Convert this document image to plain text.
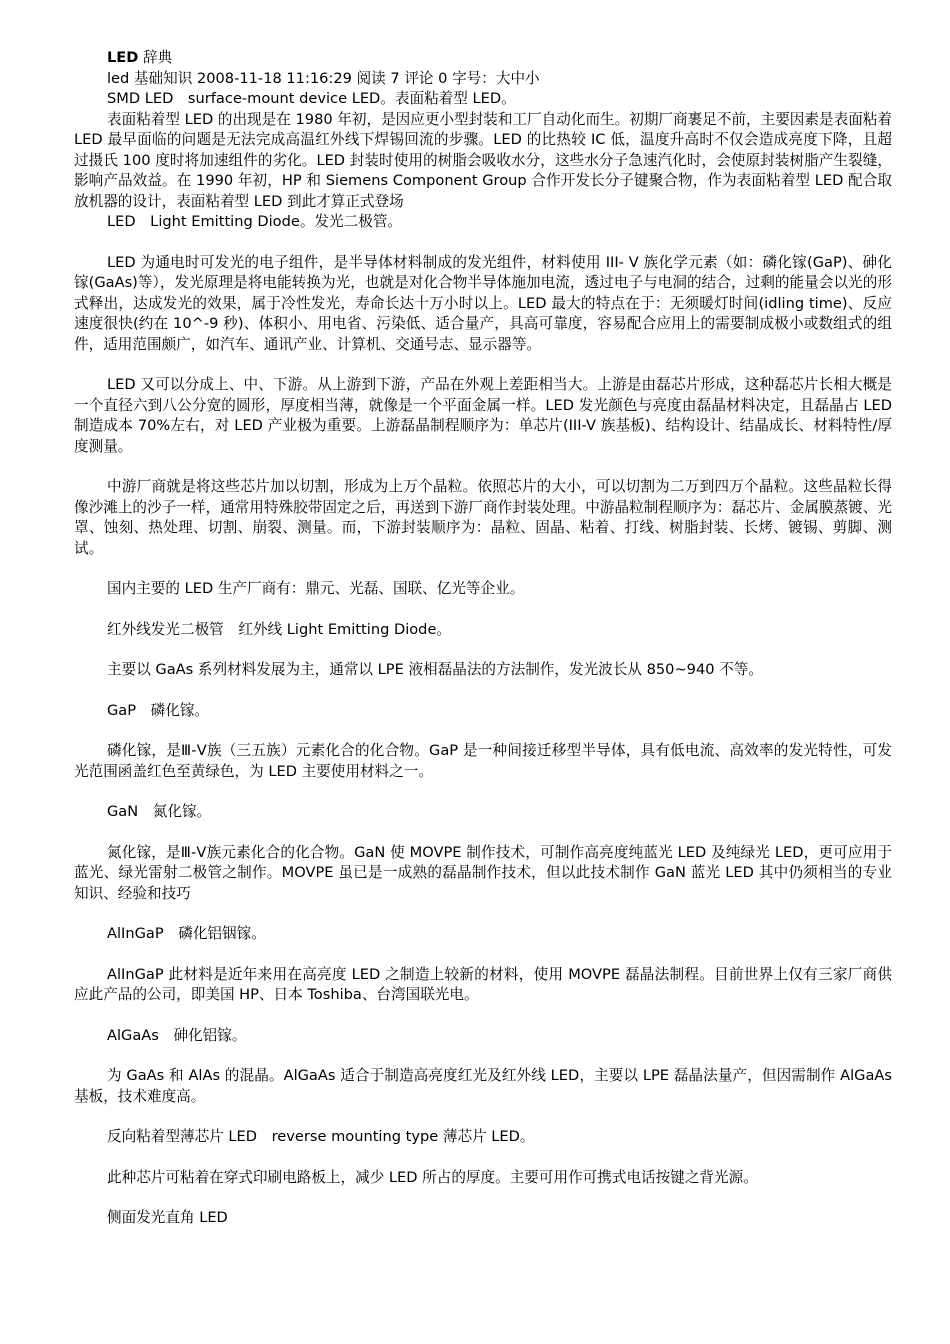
LED 辞典

led 基础知识 2008-11-18 11:16:29 阅读 7 评论 0 字号：大中小

SMD LED　surface-mount device LED。表面粘着型 LED。

表面粘着型 LED 的出现是在 1980 年初，是因应更小型封装和工厂自动化而生。初期厂商裹足不前，主要因素是表面粘着 LED 最早面临的问题是无法完成高温红外线下焊锡回流的步骤。LED 的比热较 IC 低，温度升高时不仅会造成亮度下降，且超过摄氏 100 度时将加速组件的劣化。LED 封装时使用的树脂会吸收水分，这些水分子急速汽化时，会使原封装树脂产生裂缝，影响产品效益。在 1990 年初，HP 和 Siemens Component Group 合作开发长分子键聚合物，作为表面粘着型 LED 配合取放机器的设计，表面粘着型 LED 到此才算正式登场

LED　Light Emitting Diode。发光二极管。

LED 为通电时可发光的电子组件，是半导体材料制成的发光组件，材料使用 III- V 族化学元素（如：磷化镓(GaP)、砷化镓(GaAs)等），发光原理是将电能转换为光，也就是对化合物半导体施加电流，透过电子与电洞的结合，过剩的能量会以光的形式释出，达成发光的效果，属于冷性发光，寿命长达十万小时以上。LED 最大的特点在于：无须暖灯时间(idling time)、反应速度很快(约在 10^-9 秒)、体积小、用电省、污染低、适合量产，具高可靠度，容易配合应用上的需要制成极小或数组式的组件，适用范围颇广，如汽车、通讯产业、计算机、交通号志、显示器等。

LED 又可以分成上、中、下游。从上游到下游，产品在外观上差距相当大。上游是由磊芯片形成，这种磊芯片长相大概是一个直径六到八公分宽的圆形，厚度相当薄，就像是一个平面金属一样。LED 发光颜色与亮度由磊晶材料决定，且磊晶占 LED 制造成本 70%左右，对 LED 产业极为重要。上游磊晶制程顺序为：单芯片(III-V 族基板)、结构设计、结晶成长、材料特性/厚度测量。

中游厂商就是将这些芯片加以切割，形成为上万个晶粒。依照芯片的大小，可以切割为二万到四万个晶粒。这些晶粒长得像沙滩上的沙子一样，通常用特殊胶带固定之后，再送到下游厂商作封装处理。中游晶粒制程顺序为：磊芯片、金属膜蒸镀、光罩、蚀刻、热处理、切割、崩裂、测量。而，下游封装顺序为：晶粒、固晶、粘着、打线、树脂封装、长烤、镀锡、剪脚、测试。

国内主要的 LED 生产厂商有：鼎元、光磊、国联、亿光等企业。

红外线发光二极管　红外线 Light Emitting Diode。

主要以 GaAs 系列材料发展为主，通常以 LPE 液相磊晶法的方法制作，发光波长从 850~940 不等。

GaP　磷化镓。

磷化镓，是Ⅲ-Ⅴ族（三五族）元素化合的化合物。GaP 是一种间接迁移型半导体，具有低电流、高效率的发光特性，可发光范围函盖红色至黄绿色，为 LED 主要使用材料之一。

GaN　氮化镓。

氮化镓，是Ⅲ-Ⅴ族元素化合的化合物。GaN 使 MOVPE 制作技术，可制作高亮度纯蓝光 LED 及纯绿光 LED，更可应用于蓝光、绿光雷射二极管之制作。MOVPE 虽已是一成熟的磊晶制作技术，但以此技术制作 GaN 蓝光 LED 其中仍须相当的专业知识、经验和技巧

AlInGaP　磷化铝铟镓。

AlInGaP 此材料是近年来用在高亮度 LED 之制造上较新的材料，使用 MOVPE 磊晶法制程。目前世界上仅有三家厂商供应此产品的公司，即美国 HP、日本 Toshiba、台湾国联光电。

AlGaAs　砷化铝镓。

为 GaAs 和 AlAs 的混晶。AlGaAs 适合于制造高亮度红光及红外线 LED，主要以 LPE 磊晶法量产，但因需制作 AlGaAs 基板，技术难度高。

反向粘着型薄芯片 LED　reverse mounting type 薄芯片 LED。

此种芯片可粘着在穿式印刷电路板上，减少 LED 所占的厚度。主要可用作可携式电话按键之背光源。

侧面发光直角 LED
